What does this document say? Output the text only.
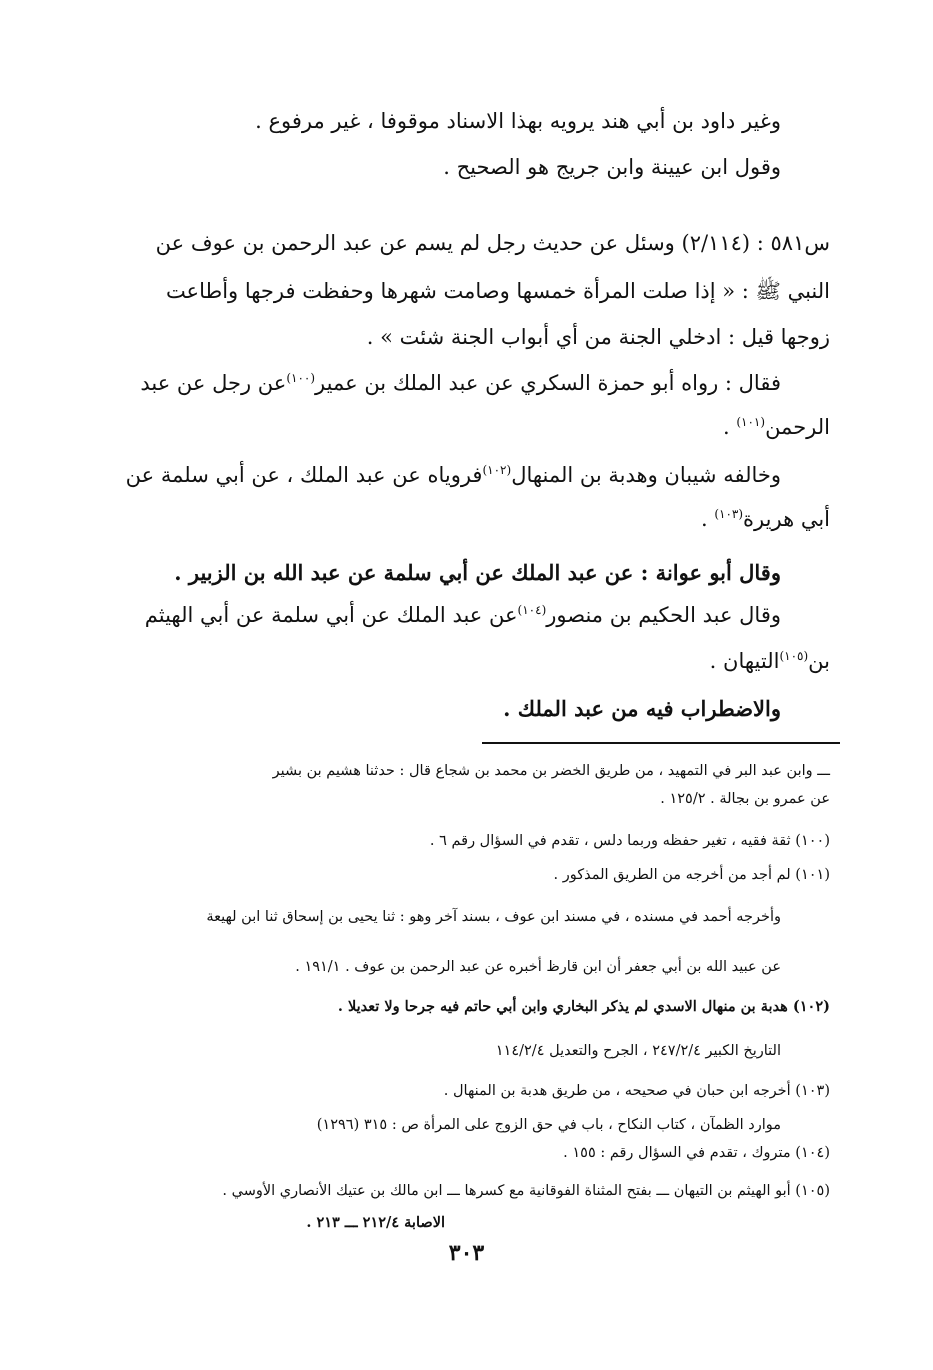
وغير داود بن أبي هند يرويه بهذا الاسناد موقوفا ، غير مرفوع .
وقول ابن عيينة وابن جريج هو الصحيح .
س٥٨١ : (٢/١١٤) وسئل عن حديث رجل لم يسم عن عبد الرحمن بن عوف عن
النبي ﷺ : « إذا صلت المرأة خمسها وصامت شهرها وحفظت فرجها وأطاعت
زوجها قيل : ادخلي الجنة من أي أبواب الجنة شئت » .
فقال : رواه أبو حمزة السكري عن عبد الملك بن عمير$^{(١٠٠)}$عن رجل عن عبد
الرحمن$^{(١٠١)}$ .
وخالفه شيبان وهدبة بن المنهال$^{(١٠٢)}$فروياه عن عبد الملك ، عن أبي سلمة عن
أبي هريرة$^{(١٠٣)}$ .
وقال أبو عوانة : عن عبد الملك عن أبي سلمة عن عبد الله بن الزبير .
وقال عبد الحكيم بن منصور$^{(١٠٤)}$عن عبد الملك عن أبي سلمة عن أبي الهيثم
بن$^{(١٠٥)}$التيهان .
والاضطراب فيه من عبد الملك .
ـــ وابن عبد البر في التمهيد ، من طريق الخضر بن محمد بن شجاع قال : حدثنا هشيم بن بشير
عن عمرو بن بجالة . ١٢٥/٢ .
(١٠٠) ثقة فقيه ، تغير حفظه وربما دلس ، تقدم في السؤال رقم ٦ .
(١٠١) لم أجد من أخرجه من الطريق المذكور .
وأخرجه أحمد في مسنده ، في مسند ابن عوف ، بسند آخر وهو : ثنا يحيى بن إسحاق ثنا ابن لهيعة
عن عبيد الله بن أبي جعفر أن ابن قارظ أخبره عن عبد الرحمن بن عوف . ١٩١/١ .
(١٠٢) هدبة بن منهال الاسدي لم يذكر البخاري وابن أبي حاتم فيه جرحا ولا تعديلا .
التاريخ الكبير ٢٤٧/٢/٤ ، الجرح والتعديل ١١٤/٢/٤
(١٠٣) أخرجه ابن حبان في صحيحه ، من طريق هدبة بن المنهال .
موارد الظمآن ، كتاب النكاح ، باب في حق الزوج على المرأة ص : ٣١٥ (١٢٩٦)
(١٠٤) متروك ، تقدم في السؤال رقم : ١٥٥ .
(١٠٥) أبو الهيثم بن التيهان ـــ بفتح المثناة الفوقانية مع كسرها ـــ ابن مالك بن عتيك الأنصاري الأوسي .
الاصابة ٢١٢/٤ ـــ ٢١٣ .
٣٠٣
